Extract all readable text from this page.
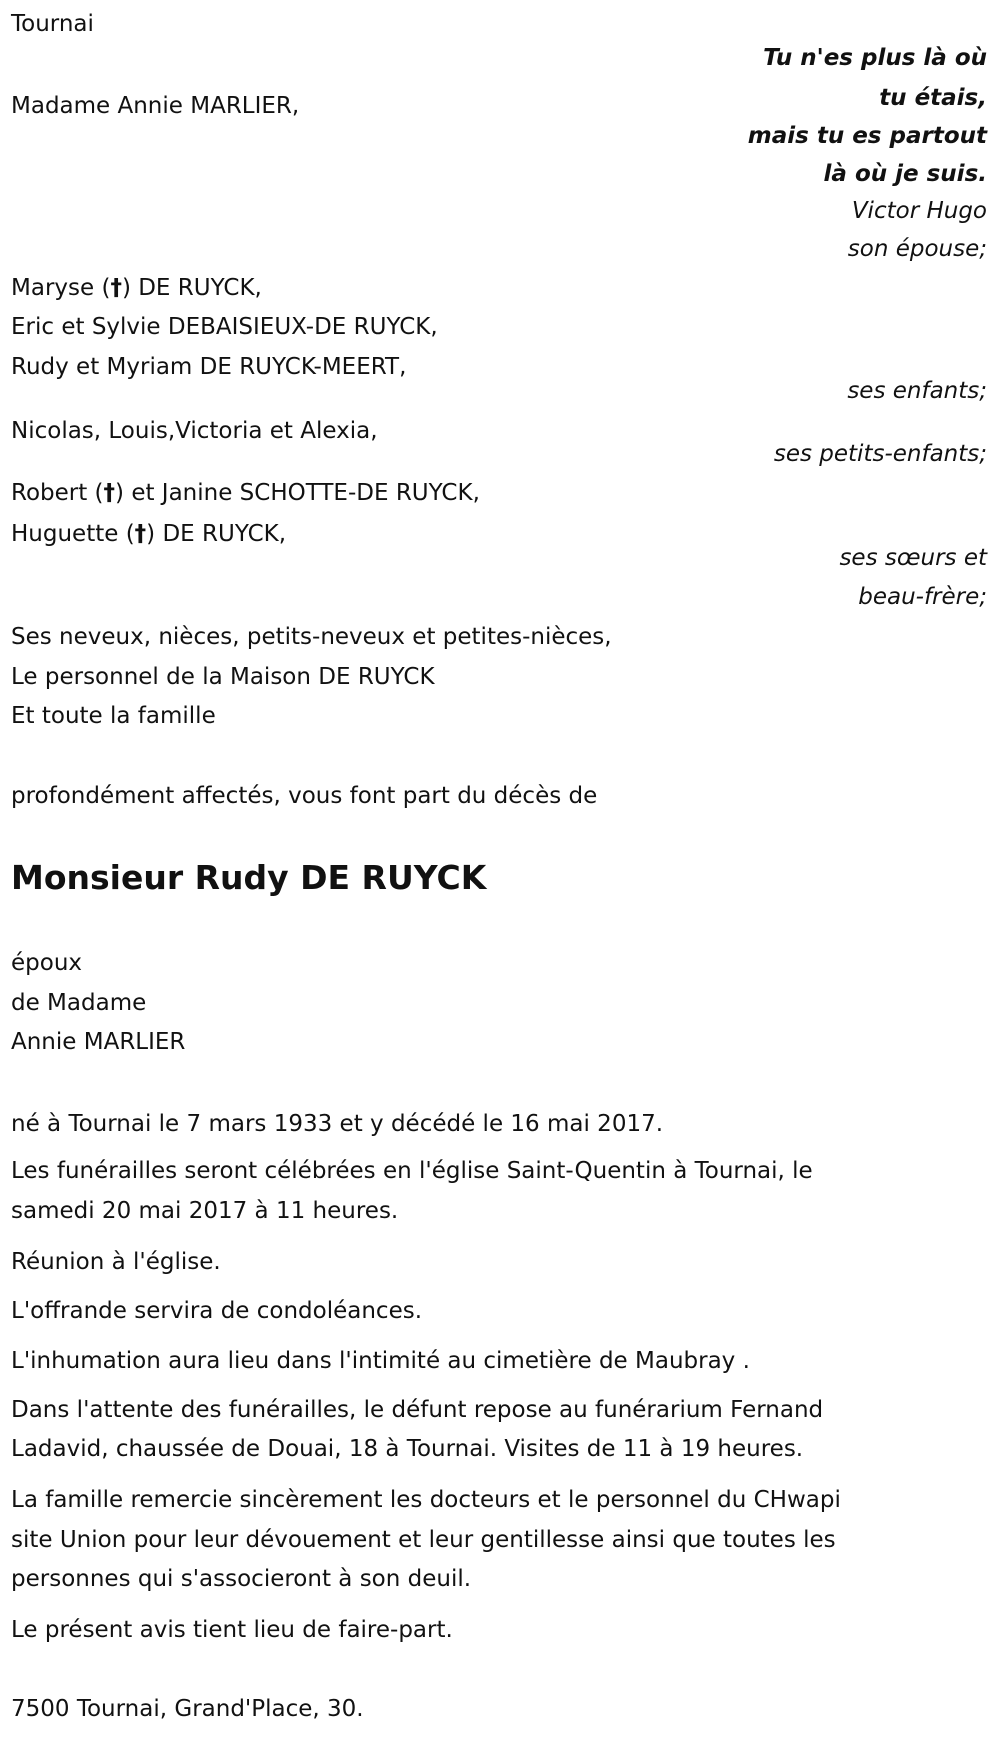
Tournai
Tu n'es plus là où
tu étais,
mais tu es partout
là où je suis.
Victor Hugo
son épouse;
Madame Annie MARLIER,
Maryse (†) DE RUYCK,
Eric et Sylvie DEBAISIEUX-DE RUYCK,
Rudy et Myriam DE RUYCK-MEERT,
ses enfants;
Nicolas, Louis,Victoria et Alexia,
ses petits-enfants;
Robert (†) et Janine SCHOTTE-DE RUYCK,
Huguette (†) DE RUYCK,
ses sœurs et
beau-frère;
Ses neveux, nièces, petits-neveux et petites-nièces,
Le personnel de la Maison DE RUYCK
Et toute la famille
profondément affectés, vous font part du décès de
Monsieur Rudy DE RUYCK
époux
de Madame
Annie MARLIER
né à Tournai le 7 mars 1933 et y décédé le 16 mai 2017.
Les funérailles seront célébrées en l'église Saint-Quentin à Tournai, le
samedi 20 mai 2017 à 11 heures.
Réunion à l'église.
L'offrande servira de condoléances.
L'inhumation aura lieu dans l'intimité au cimetière de Maubray .
Dans l'attente des funérailles, le défunt repose au funérarium Fernand
Ladavid, chaussée de Douai, 18 à Tournai. Visites de 11 à 19 heures.
La famille remercie sincèrement les docteurs et le personnel du CHwapi
site Union pour leur dévouement et leur gentillesse ainsi que toutes les
personnes qui s'associeront à son deuil.
Le présent avis tient lieu de faire-part.
7500 Tournai, Grand'Place, 30.
